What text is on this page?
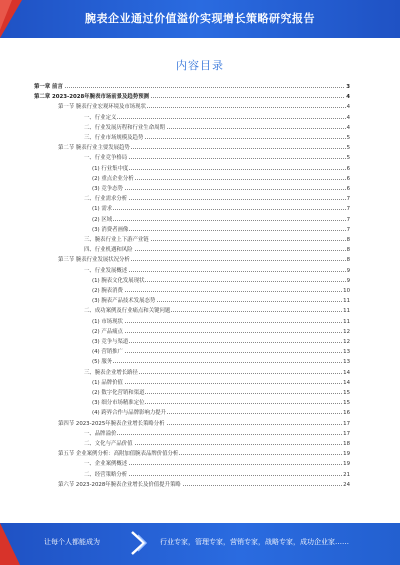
腕表企业通过价值溢价实现增长策略研究报告
内容目录
第一章 前言	3
第二章 2023-2028年腕表市场前景及趋势预测	4
第一节 腕表行业宏观环境及市场现状	4
一、行业定义	4
二、行业发展历程和行业生命周期	4
三、行业市场规模及趋势	5
第二节 腕表行业主要发展趋势	5
一、行业竞争格局	5
(1) 行业集中度	6
(2) 重点企业分析	6
(3) 竞争态势	6
二、行业需求分析	7
(1) 需求	7
(2) 区域	7
(3) 消费者画像	7
三、腕表行业上下游产业链	8
四、行业机遇和风险	8
第三节 腕表行业发展状况分析	8
一、行业发展概述	9
(1) 腕表文化发展现状	9
(2) 腕表消费	10
(3) 腕表产品技术发展态势	11
二、成功案例及行业痛点和关键问题	11
(1) 市场现状	11
(2) 产品痛点	12
(3) 竞争与渠道	12
(4) 营销推广	13
(5) 服务	13
三、腕表企业增长路径	14
(1) 品牌价值	14
(2) 数字化营销和渠道	15
(3) 细分市场精准定位	15
(4) 跨界合作与品牌影响力提升	16
第四节 2023-2025年腕表企业增长策略分析	17
一、品牌溢价	17
二、文化与产品价值	18
第五节 企业案例分析：高附加值腕表品牌价值分析	19
一、企业案例概述	19
二、经营策略分析	21
第六节 2023-2028年腕表企业增长及价值提升策略	24
让每个人都能成为	行业专家，管理专家，营销专家，战略专家，成功企业家……
